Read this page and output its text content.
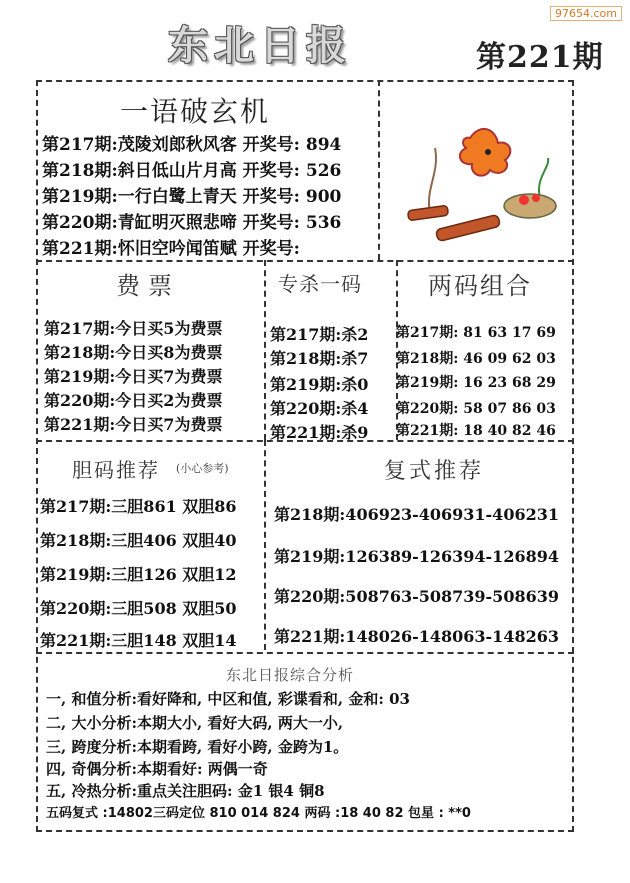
97654.com
东北日报	第221期
一语破玄机
第217期:茂陵刘郎秋风客 开奖号: 894
第218期:斜日低山片月高 开奖号: 526
第219期:一行白鹭上青天 开奖号: 900
第220期:青缸明灭照悲啼 开奖号: 536
第221期:怀旧空吟闻笛赋 开奖号:
费票
第217期:今日买5为费票
第218期:今日买8为费票
第219期:今日买7为费票
第220期:今日买2为费票
第221期:今日买7为费票
专杀一码
第217期:杀2
第218期:杀7
第219期:杀0
第220期:杀4
第221期:杀9
两码组合
第217期: 81 63 17 69
第218期: 46 09 62 03
第219期: 16 23 68 29
第220期: 58 07 86 03
第221期: 18 40 82 46
胆码推荐 (小心参考)
第217期:三胆861 双胆86
第218期:三胆406 双胆40
第219期:三胆126 双胆12
第220期:三胆508 双胆50
第221期:三胆148 双胆14
复式推荐
第218期:406923-406931-406231
第219期:126389-126394-126894
第220期:508763-508739-508639
第221期:148026-148063-148263
东北日报综合分析
一, 和值分析:看好降和, 中区和值, 彩谍看和, 金和: 03
二, 大小分析:本期大小, 看好大码, 两大一小,
三, 跨度分析:本期看跨, 看好小跨, 金跨为1。
四, 奇偶分析:本期看好: 两偶一奇
五, 冷热分析:重点关注胆码: 金1 银4 铜8
五码复式 :14802三码定位 810 014 824 两码 :18 40 82 包星 : **0
